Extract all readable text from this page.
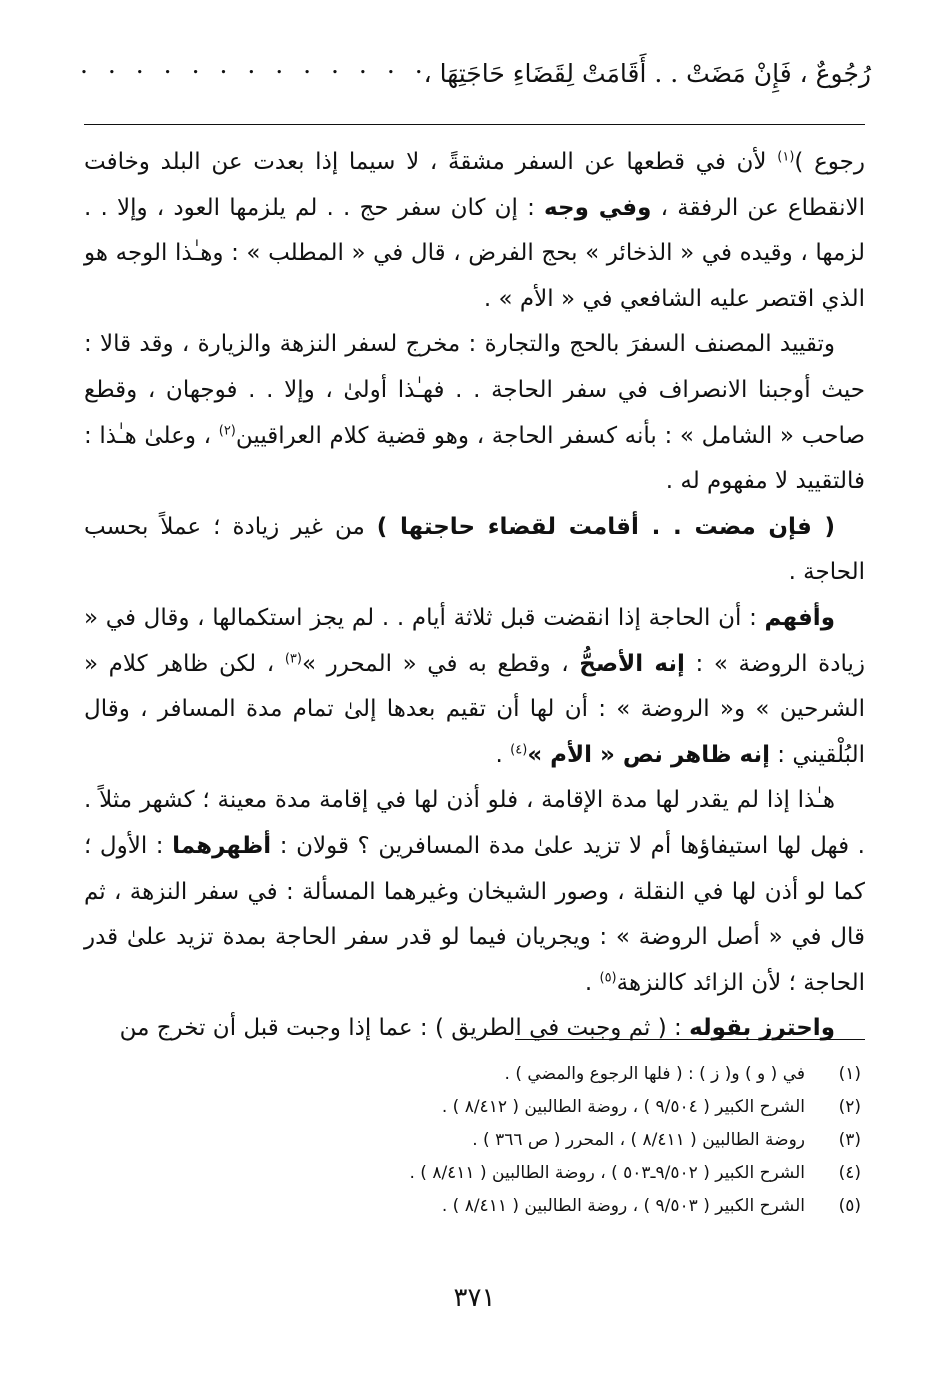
رُجُوعٌ ، فَإِنْ مَضَتْ . . أَقَامَتْ لِقَضَاءِ حَاجَتِهَا ،
. . . . . . . . . . . . .

رجوع )$^{(١)}$ لأن في قطعها عن السفر مشقةً ، لا سيما إذا بعدت عن البلد وخافت الانقطاع عن الرفقة ، وفي وجه : إن كان سفر حج . . لم يلزمها العود ، وإلا . . لزمها ، وقيده في « الذخائر » بحج الفرض ، قال في « المطلب » : وهـٰذا الوجه هو الذي اقتصر عليه الشافعي في « الأم » .

وتقييد المصنف السفرَ بالحج والتجارة : مخرج لسفر النزهة والزيارة ، وقد قالا : حيث أوجبنا الانصراف في سفر الحاجة . . فهـٰذا أولىٰ ، وإلا . . فوجهان ، وقطع صاحب « الشامل » : بأنه كسفر الحاجة ، وهو قضية كلام العراقيين$^{(٢)}$ ، وعلىٰ هـٰذا : فالتقييد لا مفهوم له .

( فإن مضت . . أقامت لقضاء حاجتها ) من غير زيادة ؛ عملاً بحسب الحاجة .

وأفهم : أن الحاجة إذا انقضت قبل ثلاثة أيام . . لم يجز استكمالها ، وقال في « زيادة الروضة » : إنه الأصحُّ ، وقطع به في « المحرر »$^{(٣)}$ ، لكن ظاهر كلام « الشرحين » و« الروضة » : أن لها أن تقيم بعدها إلىٰ تمام مدة المسافر ، وقال البُلْقيني : إنه ظاهر نص « الأم »$^{(٤)}$ .

هـٰذا إذا لم يقدر لها مدة الإقامة ، فلو أذن لها في إقامة مدة معينة ؛ كشهر مثلاً . . فهل لها استيفاؤها أم لا تزيد علىٰ مدة المسافرين ؟ قولان : أظهرهما : الأول ؛ كما لو أذن لها في النقلة ، وصور الشيخان وغيرهما المسألة : في سفر النزهة ، ثم قال في « أصل الروضة » : ويجريان فيما لو قدر سفر الحاجة بمدة تزيد علىٰ قدر الحاجة ؛ لأن الزائد كالنزهة$^{(٥)}$ .

واحترز بقوله : ( ثم وجبت في الطريق ) : عما إذا وجبت قبل أن تخرج من

(١)
في ( و ) و( ز ) : ( فلها الرجوع والمضي ) .
(٢)
الشرح الكبير ( ٩/٥٠٤ ) ، روضة الطالبين ( ٨/٤١٢ ) .
(٣)
روضة الطالبين ( ٨/٤١١ ) ، المحرر ( ص ٣٦٦ ) .
(٤)
الشرح الكبير ( ٩/٥٠٢ـ٥٠٣ ) ، روضة الطالبين ( ٨/٤١١ ) .
(٥)
الشرح الكبير ( ٩/٥٠٣ ) ، روضة الطالبين ( ٨/٤١١ ) .
٣٧١
